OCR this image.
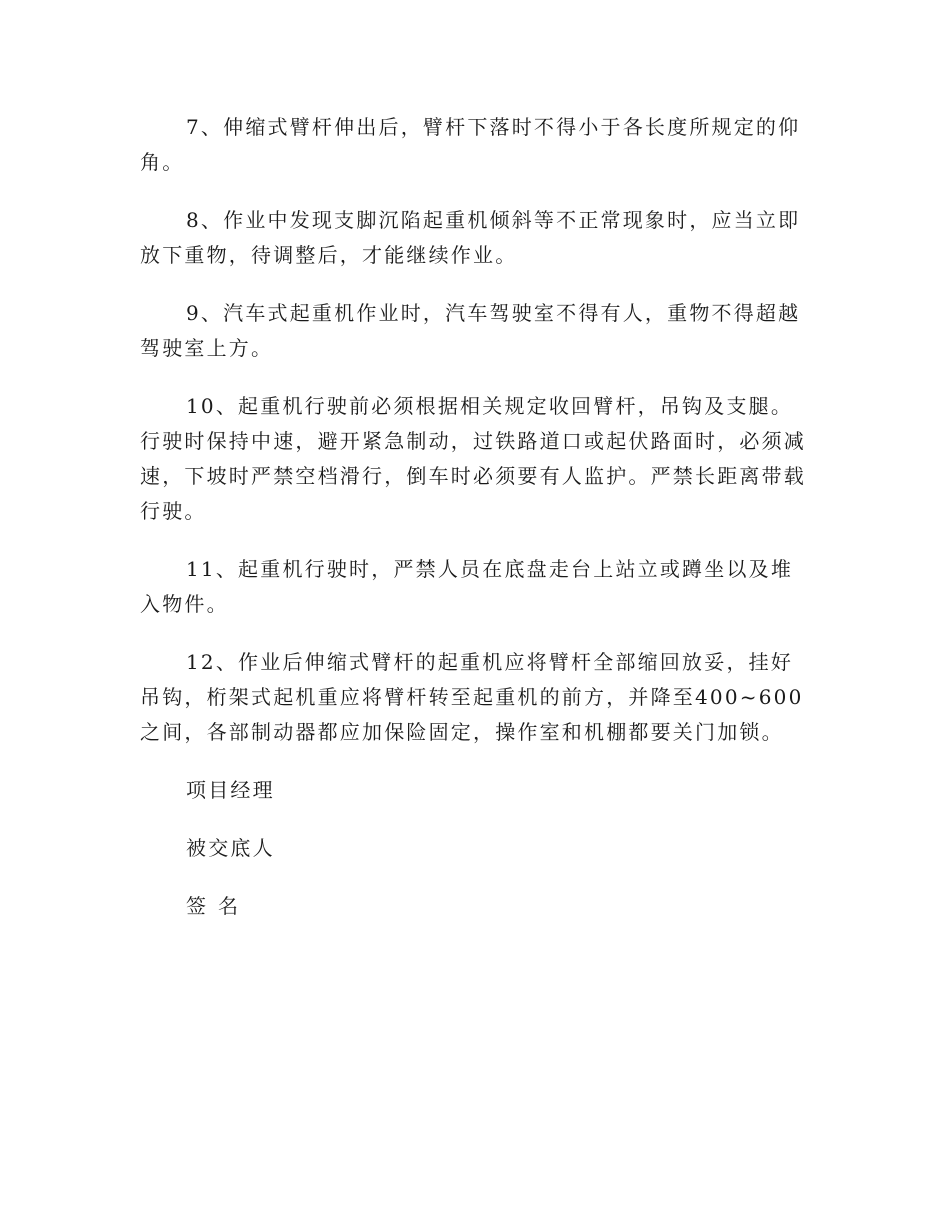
7、伸缩式臂杆伸出后，臂杆下落时不得小于各长度所规定的仰角。

8、作业中发现支脚沉陷起重机倾斜等不正常现象时，应当立即放下重物，待调整后，才能继续作业。

9、汽车式起重机作业时，汽车驾驶室不得有人，重物不得超越驾驶室上方。

10、起重机行驶前必须根据相关规定收回臂杆，吊钩及支腿。行驶时保持中速，避开紧急制动，过铁路道口或起伏路面时，必须减速，下坡时严禁空档滑行，倒车时必须要有人监护。严禁长距离带载行驶。

11、起重机行驶时，严禁人员在底盘走台上站立或蹲坐以及堆入物件。

12、作业后伸缩式臂杆的起重机应将臂杆全部缩回放妥，挂好吊钩，桁架式起机重应将臂杆转至起重机的前方，并降至400~600之间，各部制动器都应加保险固定，操作室和机棚都要关门加锁。

项目经理
被交底人
签名
